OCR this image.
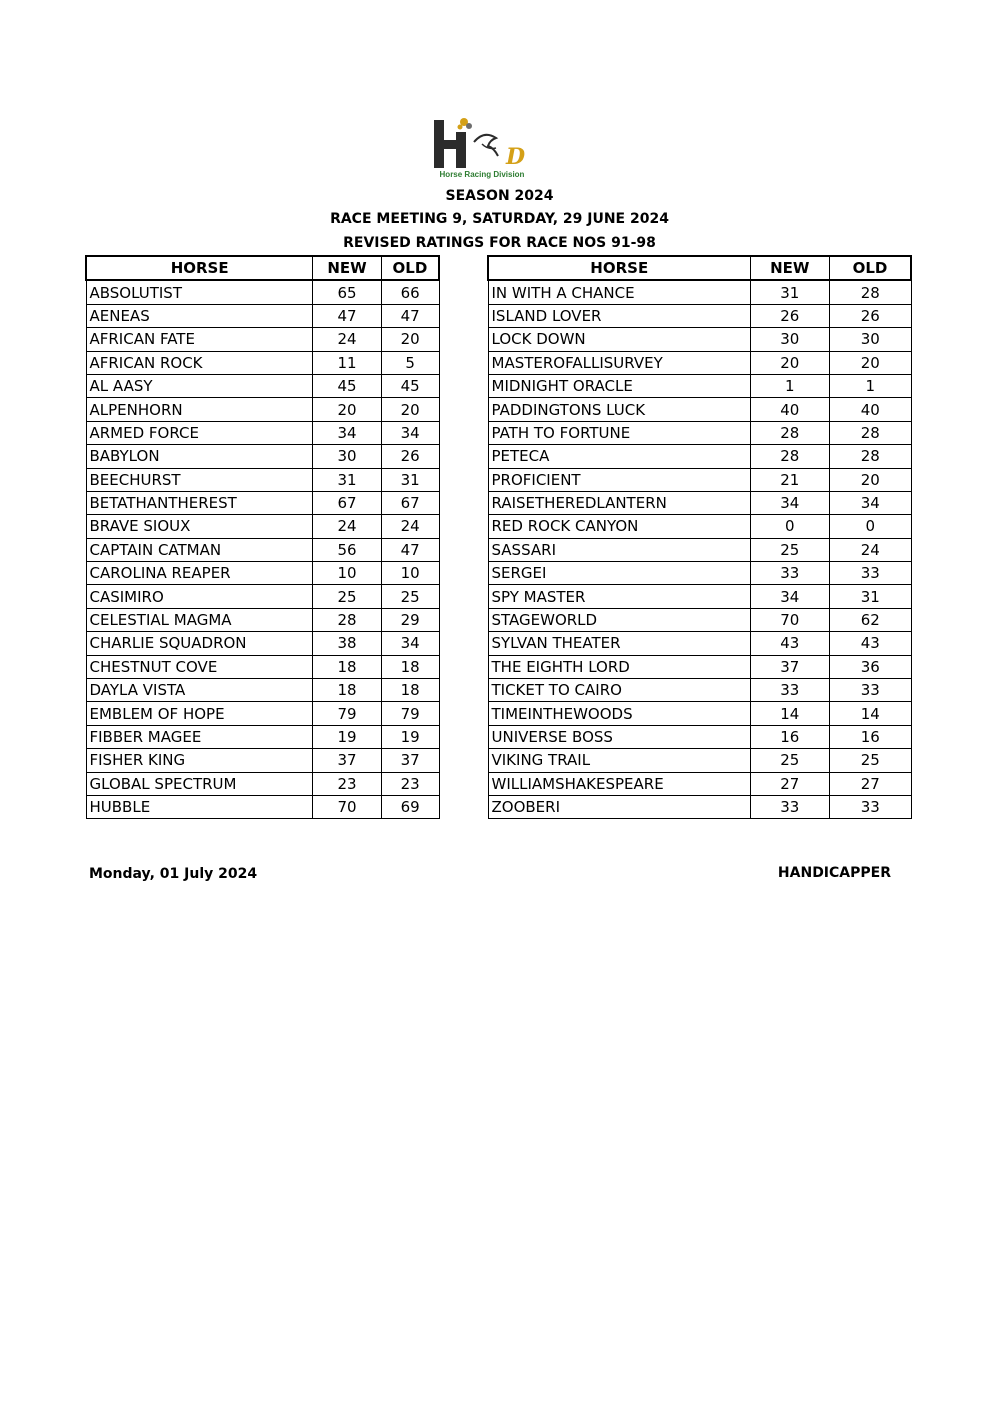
D
Horse Racing Division
SEASON 2024
RACE MEETING 9, SATURDAY, 29 JUNE 2024
REVISED RATINGS FOR RACE NOS 91-98
HORSE	NEW	OLD
ABSOLUTIST	65	66
AENEAS	47	47
AFRICAN FATE	24	20
AFRICAN ROCK	11	5
AL AASY	45	45
ALPENHORN	20	20
ARMED FORCE	34	34
BABYLON	30	26
BEECHURST	31	31
BETATHANTHEREST	67	67
BRAVE SIOUX	24	24
CAPTAIN CATMAN	56	47
CAROLINA REAPER	10	10
CASIMIRO	25	25
CELESTIAL MAGMA	28	29
CHARLIE SQUADRON	38	34
CHESTNUT COVE	18	18
DAYLA VISTA	18	18
EMBLEM OF HOPE	79	79
FIBBER MAGEE	19	19
FISHER KING	37	37
GLOBAL SPECTRUM	23	23
HUBBLE	70	69
HORSE	NEW	OLD
IN WITH A CHANCE	31	28
ISLAND LOVER	26	26
LOCK DOWN	30	30
MASTEROFALLISURVEY	20	20
MIDNIGHT ORACLE	1	1
PADDINGTONS LUCK	40	40
PATH TO FORTUNE	28	28
PETECA	28	28
PROFICIENT	21	20
RAISETHEREDLANTERN	34	34
RED ROCK CANYON	0	0
SASSARI	25	24
SERGEI	33	33
SPY MASTER	34	31
STAGEWORLD	70	62
SYLVAN THEATER	43	43
THE EIGHTH LORD	37	36
TICKET TO CAIRO	33	33
TIMEINTHEWOODS	14	14
UNIVERSE BOSS	16	16
VIKING TRAIL	25	25
WILLIAMSHAKESPEARE	27	27
ZOOBERI	33	33
Monday, 01 July 2024	HANDICAPPER
